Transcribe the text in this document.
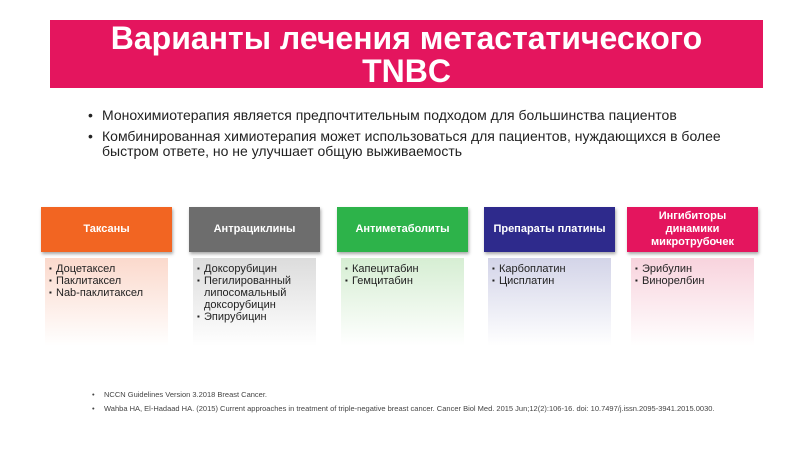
Варианты лечения метастатического
TNBC
• Монохимиотерапия является предпочтительным подходом для большинства пациентов
• Комбинированная химиотерапия может использоваться для пациентов, нуждающихся в более быстром ответе, но не улучшает общую выживаемость
Таксаны
▪ Доцетаксел
▪ Паклитаксел
▪ Nab-паклитаксел
Антрациклины
▪ Доксорубицин
▪ Пегилированный липосомальный доксорубицин
▪ Эпирубицин
Антиметаболиты
▪ Капецитабин
▪ Гемцитабин
Препараты платины
▪ Карбоплатин
▪ Цисплатин
Ингибиторы динамики микротрубочек
▪ Эрибулин
▪ Винорелбин
• NCCN Guidelines Version 3.2018 Breast Cancer.
• Wahba HA, El-Hadaad HA. (2015) Current approaches in treatment of triple-negative breast cancer. Cancer Biol Med. 2015 Jun;12(2):106-16. doi: 10.7497/j.issn.2095-3941.2015.0030.
